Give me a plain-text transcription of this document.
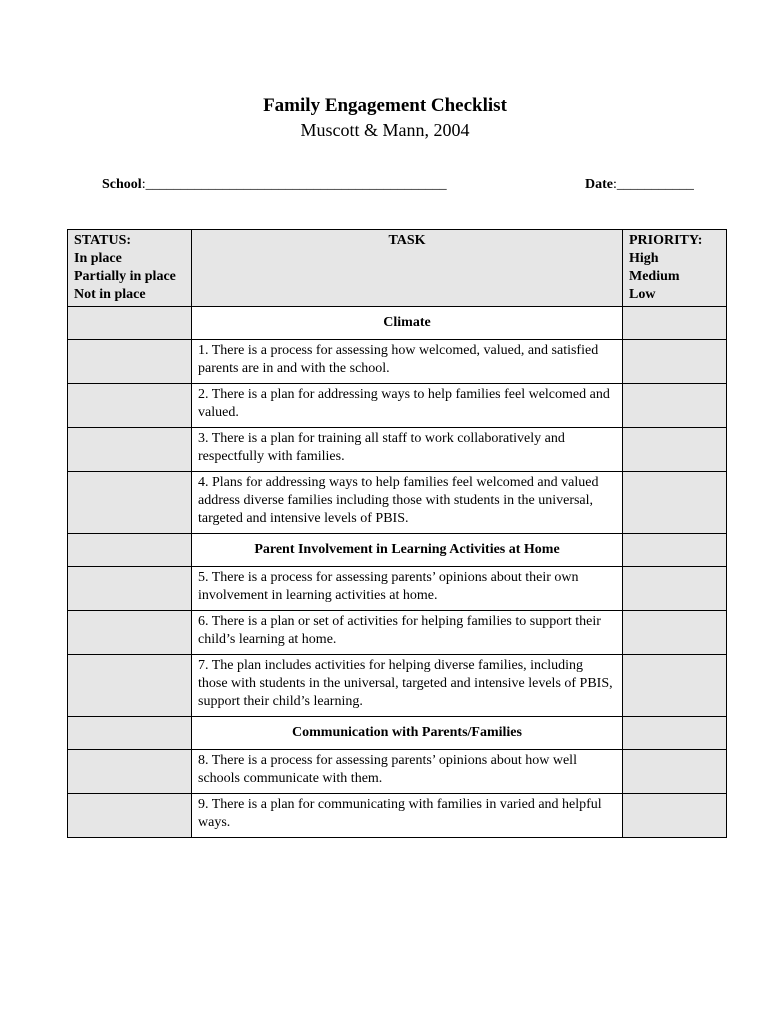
Family Engagement Checklist
Muscott & Mann, 2004
School:___________________________________________	Date:___________
STATUS:
In place
Partially in place
Not in place	TASK	PRIORITY:
High
Medium
Low

	Climate	
	1. There is a process for assessing how welcomed, valued, and satisfied parents are in and with the school.	
	2. There is a plan for addressing ways to help families feel welcomed and valued.	
	3. There is a plan for training all staff to work collaboratively and respectfully with families.	
	4. Plans for addressing ways to help families feel welcomed and valued address diverse families including those with students in the universal, targeted and intensive levels of PBIS.	
	Parent Involvement in Learning Activities at Home	
	5. There is a process for assessing parents’ opinions about their own involvement in learning activities at home.	
	6. There is a plan or set of activities for helping families to support their child’s learning at home.	
	7. The plan includes activities for helping diverse families, including those with students in the universal, targeted and intensive levels of PBIS, support their child’s learning.	
	Communication with Parents/Families	
	8. There is a process for assessing parents’ opinions about how well schools communicate with them.	
	9. There is a plan for communicating with families in varied and helpful ways.	
